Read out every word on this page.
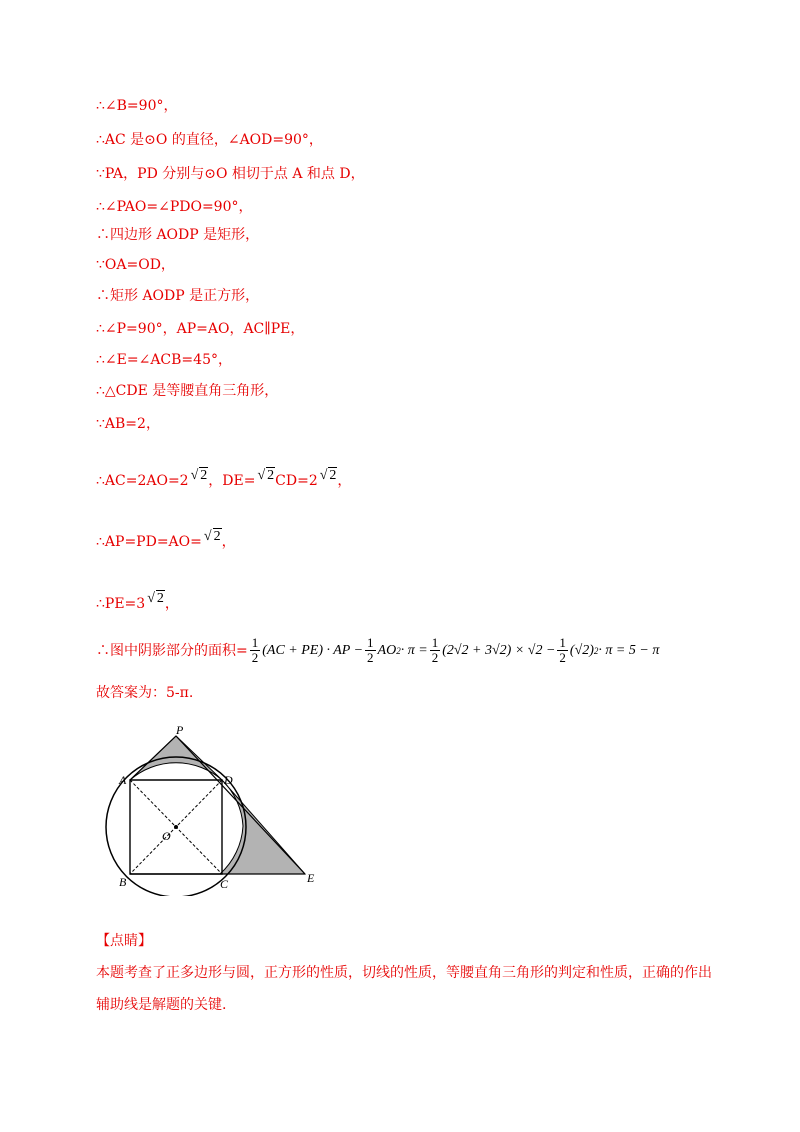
∴∠B=90°，
∴AC 是⊙O 的直径，∠AOD=90°，
∵PA，PD 分别与⊙O 相切于点 A 和点 D，
∴∠PAO=∠PDO=90°，
∴四边形 AODP 是矩形，
∵OA=OD，
∴矩形 AODP 是正方形，
∴∠P=90°，AP=AO，AC∥PE，
∴∠E=∠ACB=45°，
∴△CDE 是等腰直角三角形，
∵AB=2，
∴AC=2AO=2 √ 2，DE= √ 2CD=2 √ 2，
∴AP=PD=AO= √ 2，
∴PE=3 √ 2，
∴图中阴影部分的面积= $\frac{1}{2} (AC + PE)$ · AP − $\frac{1}{2}$ AO $2 \cdot \pi = \frac{1}{2} (2√2 + 3√2) \times √2 - \frac{1}{2} (√2) 2 \cdot \pi = 5 - \pi$
故答案为：5-π.
P
A	D
O
B	C	E
【点睛】
本题考查了正多边形与圆，正方形的性质，切线的性质，等腰直角三角形的判定和性质，正确的作出辅助线是解题的关键.
